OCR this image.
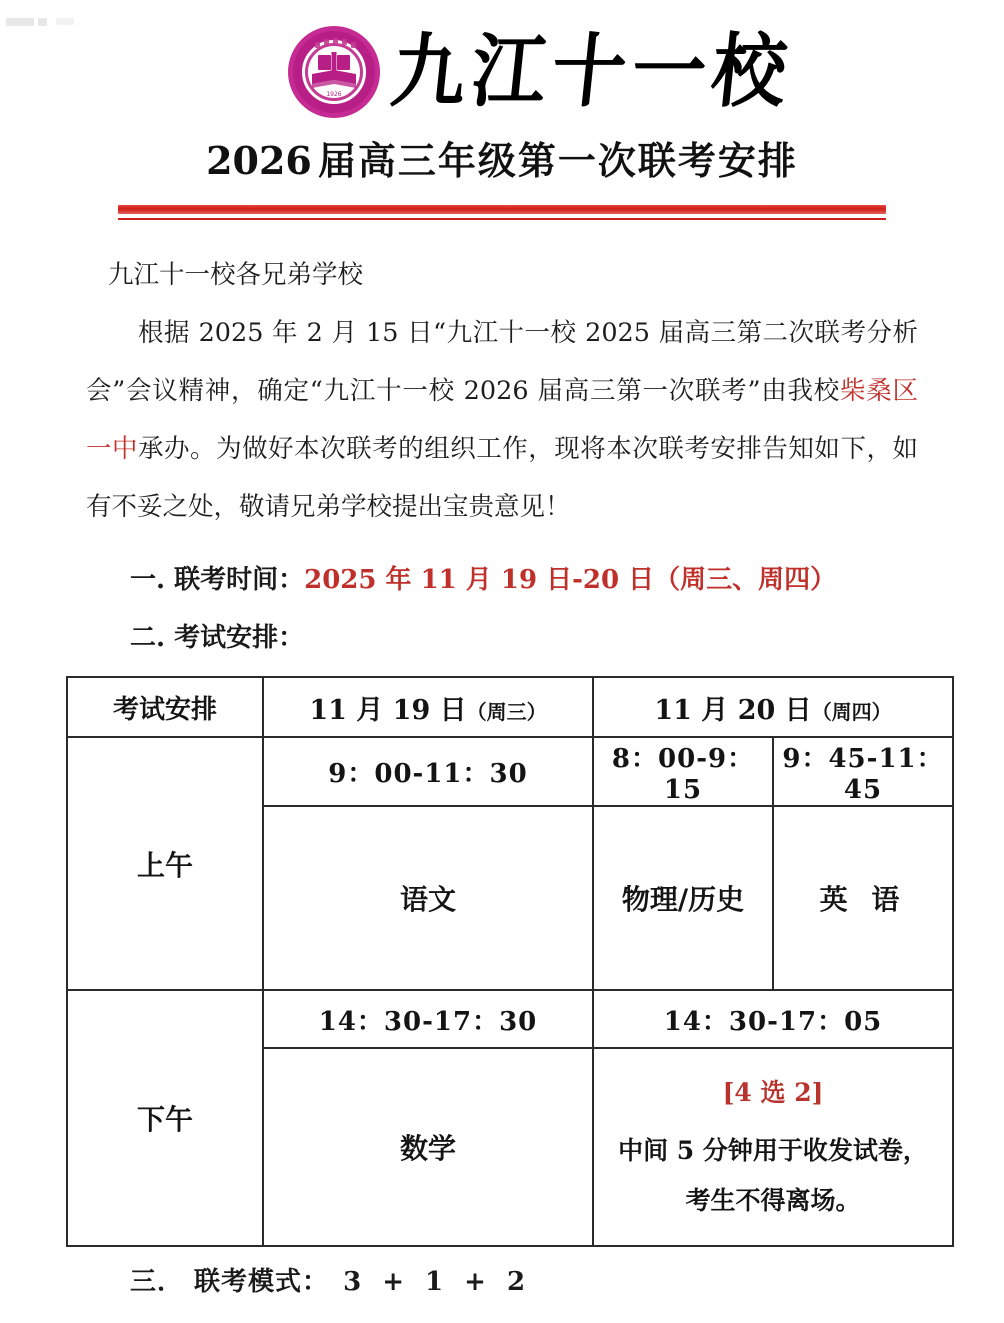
1926 九江十一校
2026 届高三年级第一次联考安排
九江十一校各兄弟学校
根据 2025 年 2 月 15 日“九江十一校 2025 届高三第二次联考分析会”会议精神，确定“九江十一校 2026 届高三第一次联考”由我校柴桑区一中承办。为做好本次联考的组织工作，现将本次联考安排告知如下，如有不妥之处，敬请兄弟学校提出宝贵意见！
一. 联考时间：2025 年 11 月 19 日-20 日（周三、周四）
二. 考试安排：
考试安排	11 月 19 日（周三）	11 月 20 日（周四）	
上午	9：00-11：30	8：00-9：15	9：45-11：45
	语文	物理/历史	英 语
下午	14：30-17：30	14：30-17：05	
	数学	[4 选 2]
中间 5 分钟用于收发试卷，
考生不得离场。	
三． 联考模式： 3 + 1 + 2
